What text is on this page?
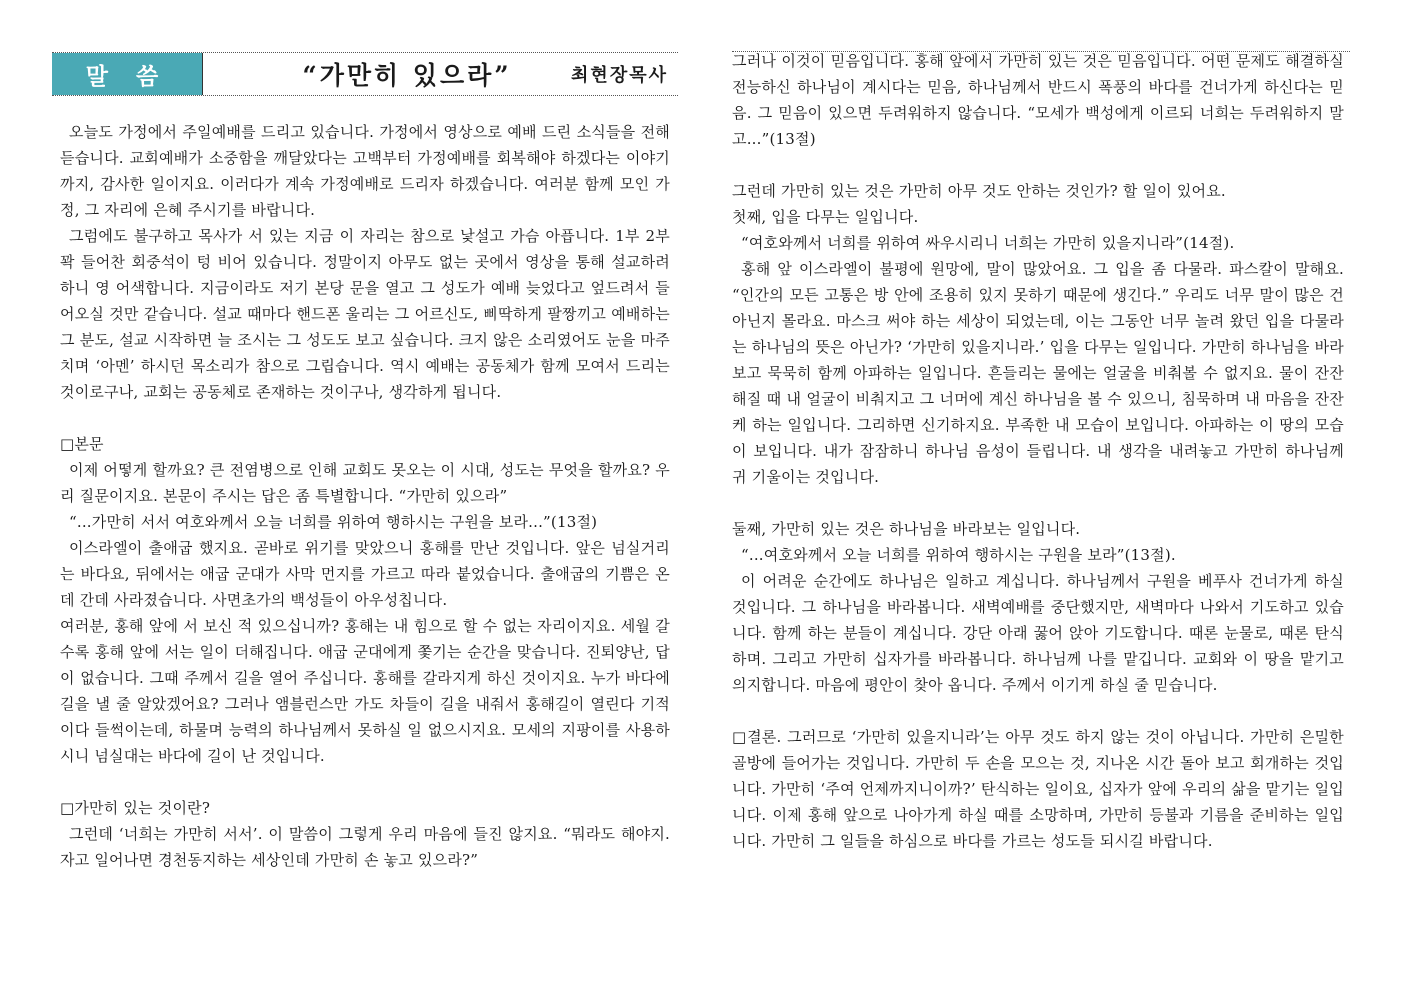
말 씀	“가만히 있으라”	최현장목사

오늘도 가정에서 주일예배를 드리고 있습니다. 가정에서 영상으로 예배 드린 소식들을 전해 듣습니다. 교회예배가 소중함을 깨달았다는 고백부터 가정예배를 회복해야 하겠다는 이야기까지, 감사한 일이지요. 이러다가 계속 가정예배로 드리자 하겠습니다. 여러분 함께 모인 가정, 그 자리에 은혜 주시기를 바랍니다.

그럼에도 불구하고 목사가 서 있는 지금 이 자리는 참으로 낯설고 가슴 아픕니다. 1부 2부 꽉 들어찬 회중석이 텅 비어 있습니다. 정말이지 아무도 없는 곳에서 영상을 통해 설교하려 하니 영 어색합니다. 지금이라도 저기 본당 문을 열고 그 성도가 예배 늦었다고 엎드려서 들어오실 것만 같습니다. 설교 때마다 핸드폰 울리는 그 어르신도, 삐딱하게 팔짱끼고 예배하는 그 분도, 설교 시작하면 늘 조시는 그 성도도 보고 싶습니다. 크지 않은 소리였어도 눈을 마주치며 ‘아멘’ 하시던 목소리가 참으로 그립습니다. 역시 예배는 공동체가 함께 모여서 드리는 것이로구나, 교회는 공동체로 존재하는 것이구나, 생각하게 됩니다.

□본문

이제 어떻게 할까요? 큰 전염병으로 인해 교회도 못오는 이 시대, 성도는 무엇을 할까요? 우리 질문이지요. 본문이 주시는 답은 좀 특별합니다. “가만히 있으라”

“...가만히 서서 여호와께서 오늘 너희를 위하여 행하시는 구원을 보라...”(13절)

이스라엘이 출애굽 했지요. 곧바로 위기를 맞았으니 홍해를 만난 것입니다. 앞은 넘실거리는 바다요, 뒤에서는 애굽 군대가 사막 먼지를 가르고 따라 붙었습니다. 출애굽의 기쁨은 온데 간데 사라졌습니다. 사면초가의 백성들이 아우성칩니다.

여러분, 홍해 앞에 서 보신 적 있으십니까? 홍해는 내 힘으로 할 수 없는 자리이지요. 세월 갈수록 홍해 앞에 서는 일이 더해집니다. 애굽 군대에게 쫓기는 순간을 맞습니다. 진퇴양난, 답이 없습니다. 그때 주께서 길을 열어 주십니다. 홍해를 갈라지게 하신 것이지요. 누가 바다에 길을 낼 줄 알았겠어요? 그러나 앰블런스만 가도 차들이 길을 내줘서 홍해길이 열린다 기적이다 들썩이는데, 하물며 능력의 하나님께서 못하실 일 없으시지요. 모세의 지팡이를 사용하시니 넘실대는 바다에 길이 난 것입니다.

□가만히 있는 것이란?

그런데 ‘너희는 가만히 서서’. 이 말씀이 그렇게 우리 마음에 들진 않지요. “뭐라도 해야지. 자고 일어나면 경천동지하는 세상인데 가만히 손 놓고 있으라?”

그러나 이것이 믿음입니다. 홍해 앞에서 가만히 있는 것은 믿음입니다. 어떤 문제도 해결하실 전능하신 하나님이 계시다는 믿음, 하나님께서 반드시 폭풍의 바다를 건너가게 하신다는 믿음. 그 믿음이 있으면 두려워하지 않습니다. “모세가 백성에게 이르되 너희는 두려워하지 말고...”(13절)

그런데 가만히 있는 것은 가만히 아무 것도 안하는 것인가? 할 일이 있어요.

첫째, 입을 다무는 일입니다.

“여호와께서 너희를 위하여 싸우시리니 너희는 가만히 있을지니라”(14절).

홍해 앞 이스라엘이 불평에 원망에, 말이 많았어요. 그 입을 좀 다물라. 파스칼이 말해요. “인간의 모든 고통은 방 안에 조용히 있지 못하기 때문에 생긴다.” 우리도 너무 말이 많은 건 아닌지 몰라요. 마스크 써야 하는 세상이 되었는데, 이는 그동안 너무 놀려 왔던 입을 다물라는 하나님의 뜻은 아닌가? ‘가만히 있을지니라.’ 입을 다무는 일입니다. 가만히 하나님을 바라보고 묵묵히 함께 아파하는 일입니다. 흔들리는 물에는 얼굴을 비춰볼 수 없지요. 물이 잔잔해질 때 내 얼굴이 비춰지고 그 너머에 계신 하나님을 볼 수 있으니, 침묵하며 내 마음을 잔잔케 하는 일입니다. 그리하면 신기하지요. 부족한 내 모습이 보입니다. 아파하는 이 땅의 모습이 보입니다. 내가 잠잠하니 하나님 음성이 들립니다. 내 생각을 내려놓고 가만히 하나님께 귀 기울이는 것입니다.

둘째, 가만히 있는 것은 하나님을 바라보는 일입니다.

“...여호와께서 오늘 너희를 위하여 행하시는 구원을 보라”(13절).

이 어려운 순간에도 하나님은 일하고 계십니다. 하나님께서 구원을 베푸사 건너가게 하실 것입니다. 그 하나님을 바라봅니다. 새벽예배를 중단했지만, 새벽마다 나와서 기도하고 있습니다. 함께 하는 분들이 계십니다. 강단 아래 꿇어 앉아 기도합니다. 때론 눈물로, 때론 탄식하며. 그리고 가만히 십자가를 바라봅니다. 하나님께 나를 맡깁니다. 교회와 이 땅을 맡기고 의지합니다. 마음에 평안이 찾아 옵니다. 주께서 이기게 하실 줄 믿습니다.

□결론. 그러므로 ‘가만히 있을지니라’는 아무 것도 하지 않는 것이 아닙니다. 가만히 은밀한 골방에 들어가는 것입니다. 가만히 두 손을 모으는 것, 지나온 시간 돌아 보고 회개하는 것입니다. 가만히 ‘주여 언제까지니이까?’ 탄식하는 일이요, 십자가 앞에 우리의 삶을 맡기는 일입니다. 이제 홍해 앞으로 나아가게 하실 때를 소망하며, 가만히 등불과 기름을 준비하는 일입니다. 가만히 그 일들을 하심으로 바다를 가르는 성도들 되시길 바랍니다.
